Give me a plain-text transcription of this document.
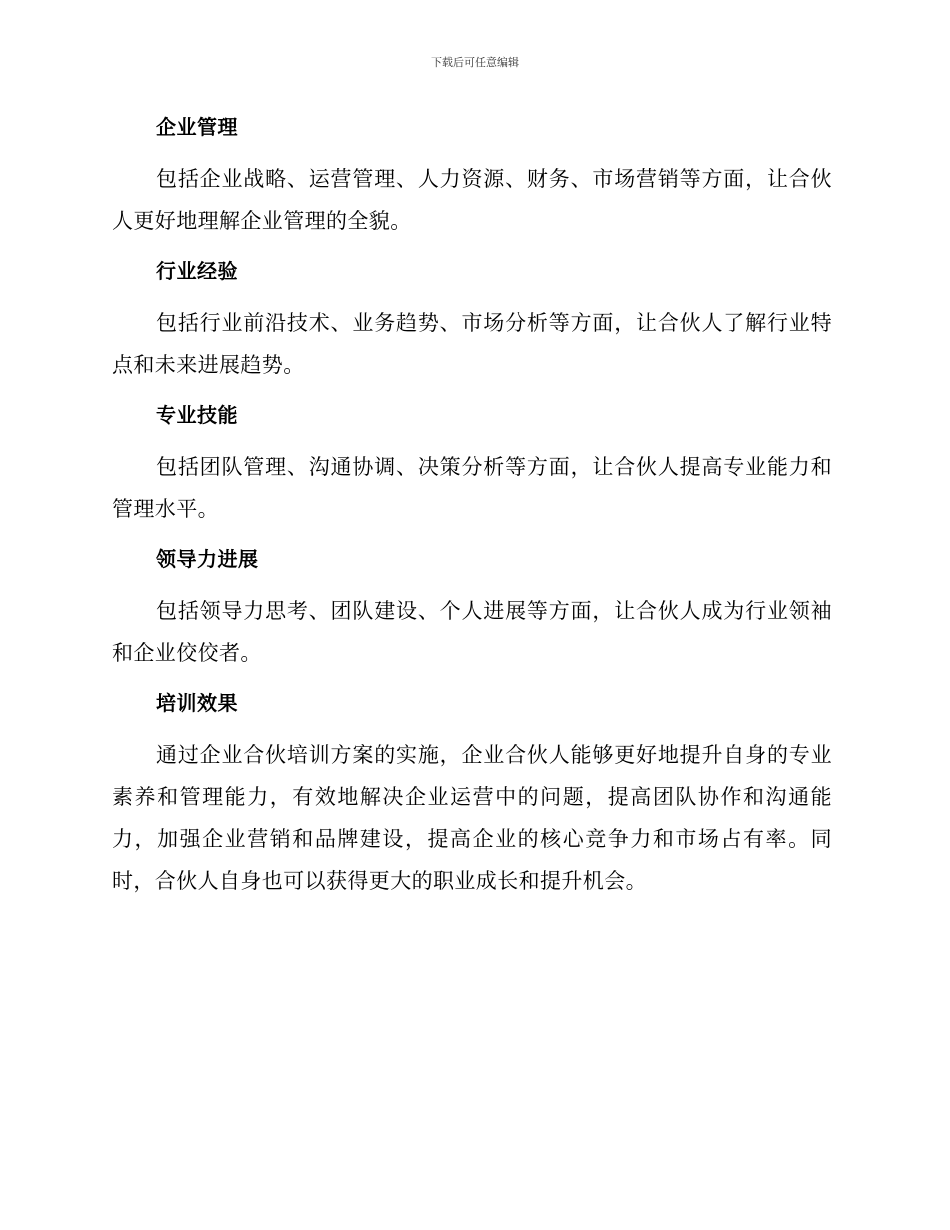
下载后可任意编辑
企业管理

包括企业战略、运营管理、人力资源、财务、市场营销等方面，让合伙人更好地理解企业管理的全貌。

行业经验

包括行业前沿技术、业务趋势、市场分析等方面，让合伙人了解行业特点和未来进展趋势。

专业技能

包括团队管理、沟通协调、决策分析等方面，让合伙人提高专业能力和管理水平。

领导力进展

包括领导力思考、团队建设、个人进展等方面，让合伙人成为行业领袖和企业佼佼者。

培训效果

通过企业合伙培训方案的实施，企业合伙人能够更好地提升自身的专业素养和管理能力，有效地解决企业运营中的问题，提高团队协作和沟通能力，加强企业营销和品牌建设，提高企业的核心竞争力和市场占有率。同时，合伙人自身也可以获得更大的职业成长和提升机会。
